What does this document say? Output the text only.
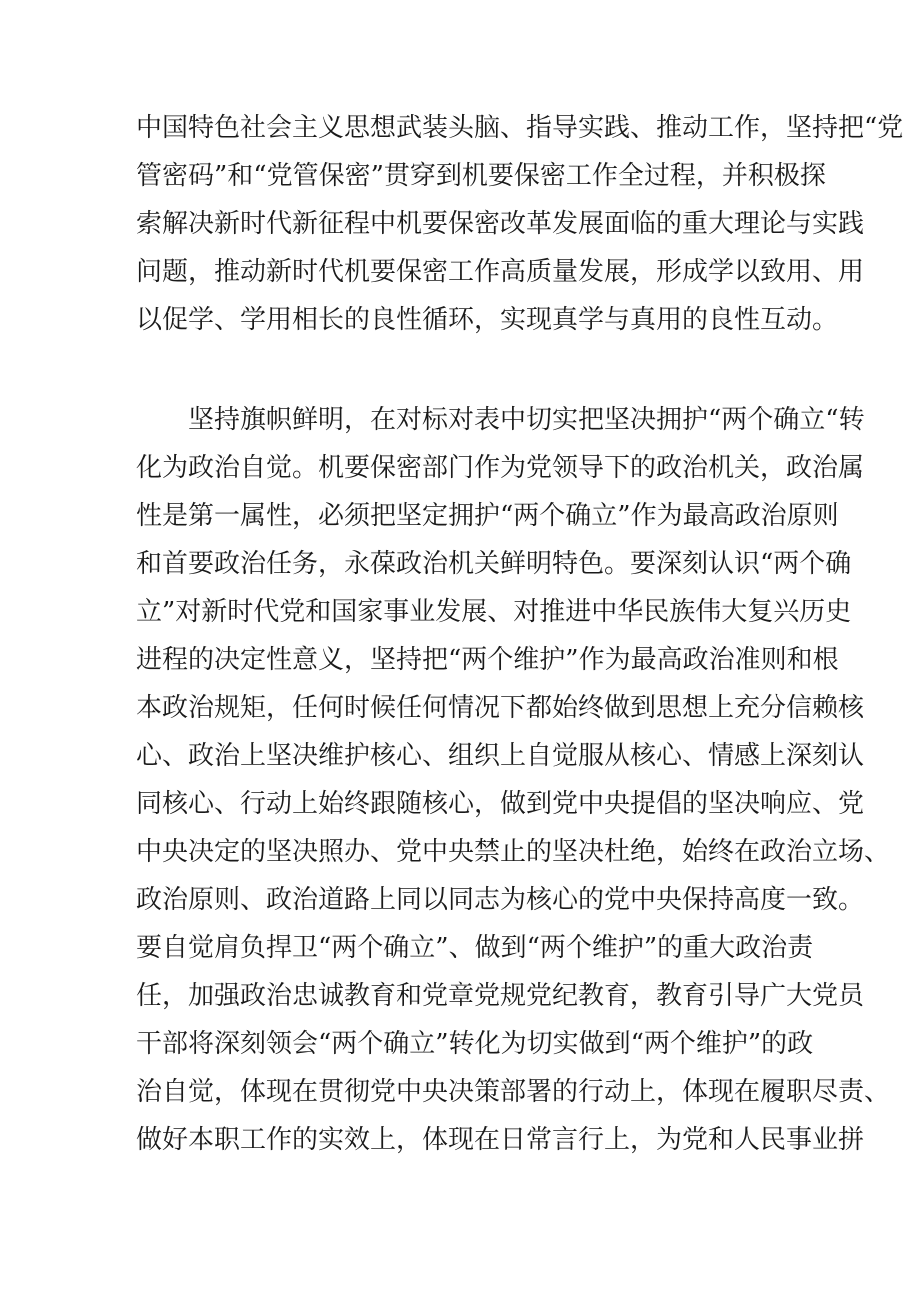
中国特色社会主义思想武装头脑、指导实践、推动工作，坚持把“党
管密码”和“党管保密”贯穿到机要保密工作全过程，并积极探
索解决新时代新征程中机要保密改革发展面临的重大理论与实践
问题，推动新时代机要保密工作高质量发展，形成学以致用、用
以促学、学用相长的良性循环，实现真学与真用的良性互动。
坚持旗帜鲜明，在对标对表中切实把坚决拥护“两个确立“转
化为政治自觉。机要保密部门作为党领导下的政治机关，政治属
性是第一属性，必须把坚定拥护“两个确立”作为最高政治原则
和首要政治任务，永葆政治机关鲜明特色。要深刻认识“两个确
立”对新时代党和国家事业发展、对推进中华民族伟大复兴历史
进程的决定性意义，坚持把“两个维护”作为最高政治准则和根
本政治规矩，任何时候任何情况下都始终做到思想上充分信赖核
心、政治上坚决维护核心、组织上自觉服从核心、情感上深刻认
同核心、行动上始终跟随核心，做到党中央提倡的坚决响应、党
中央决定的坚决照办、党中央禁止的坚决杜绝，始终在政治立场、
政治原则、政治道路上同以同志为核心的党中央保持高度一致。
要自觉肩负捍卫“两个确立”、做到“两个维护”的重大政治责
任，加强政治忠诚教育和党章党规党纪教育，教育引导广大党员
干部将深刻领会“两个确立”转化为切实做到“两个维护”的政
治自觉，体现在贯彻党中央决策部署的行动上，体现在履职尽责、
做好本职工作的实效上，体现在日常言行上，为党和人民事业拼
